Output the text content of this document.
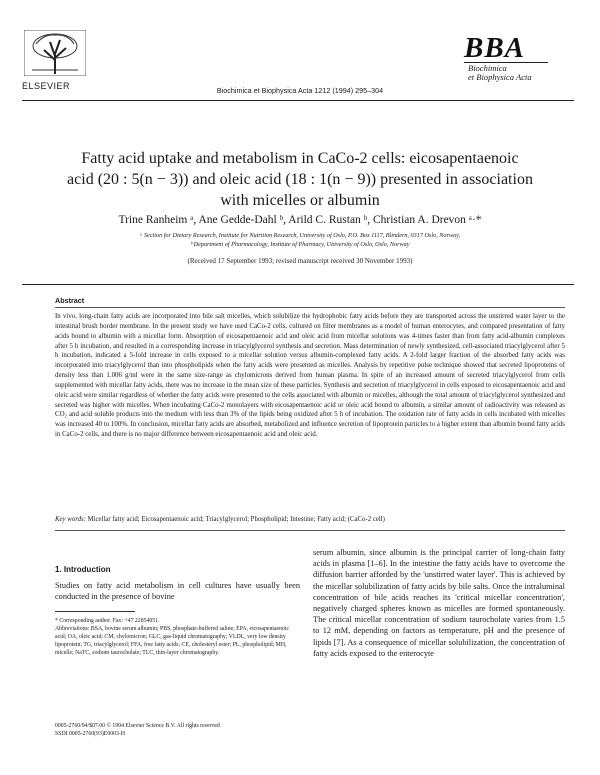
ELSEVIER	Biochimica et Biophysica Acta 1212 (1994) 295–304
BBA
Biochimica
et Biophysica Acta
Fatty acid uptake and metabolism in CaCo-2 cells: eicosapentaenoic
acid (20 : 5(n − 3)) and oleic acid (18 : 1(n − 9)) presented in association
with micelles or albumin
Trine Ranheim ᵃ, Ane Gedde-Dahl ᵇ, Arild C. Rustan ᵇ, Christian A. Drevon ᵃ·*
ᵃ Section for Dietary Research, Institute for Nutrition Research, University of Oslo, P.O. Box 1117, Blindern, 0317 Oslo, Norway,
ᵇ Department of Pharmacology, Institute of Pharmacy, University of Oslo, Oslo, Norway
(Received 17 September 1993; revised manuscript received 30 November 1993)
Abstract

In vivo, long-chain fatty acids are incorporated into bile salt micelles, which solubilize the hydrophobic fatty acids before they are transported across the unstirred water layer to the intestinal brush border membrane. In the present study we have used CaCo-2 cells, cultured on filter membranes as a model of human enterocytes, and compared presentation of fatty acids bound to albumin with a micellar form. Absorption of eicosapentaenoic acid and oleic acid from micellar solutions was 4-times faster than from fatty acid-albumin complexes after 5 h incubation, and resulted in a corresponding increase in triacylglycerol synthesis and secretion. Mass determination of newly synthesized, cell-associated triacylglycerol after 5 h incubation, indicated a 5-fold increase in cells exposed to a micellar solution versus albumin-complexed fatty acids. A 2-fold larger fraction of the absorbed fatty acids was incorporated into triacylglycerol than into phospholipids when the fatty acids were presented as micelles. Analysis by repetitive pulse technique showed that secreted lipoproteins of density less than 1.006 g/ml were in the same size-range as chylomicrons derived from human plasma. In spite of an increased amount of secreted triacylglycerol from cells supplemented with micellar fatty acids, there was no increase in the mean size of these particles. Synthesis and secretion of triacylglycerol in cells exposed to eicosapentaenoic acid and oleic acid were similar regardless of whether the fatty acids were presented to the cells associated with albumin or micelles, although the total amount of triacylglycerol synthesized and secreted was higher with micelles. When incubating CaCo-2 monolayers with eicosapentaenoic acid or oleic acid bound to albumin, a similar amount of radioactivity was released as CO₂ and acid soluble products into the medium with less than 3% of the lipids being oxidized after 5 h of incubation. The oxidation rate of fatty acids in cells incubated with micelles was increased 40 to 100%. In conclusion, micellar fatty acids are absorbed, metabolized and influence secretion of lipoprotein particles to a higher extent than albumin bound fatty acids in CaCo-2 cells, and there is no major difference between eicosapentaenoic acid and oleic acid.

Key words: Micellar fatty acid; Eicosapentaenoic acid; Triacylglycerol; Phospholipid; Intestine; Fatty acid; (CaCo-2 cell)
1. Introduction

Studies on fatty acid metabolism in cell cultures have usually been conducted in the presence of bovine

* Corresponding author. Fax: +47 22854051.

Abbreviations: BSA, bovine serum albumin; PBS, phosphate-buffered saline; EPA, eicosapentaenoic acid; OA, oleic acid; CM, chylomicron; GLC, gas-liquid chromatography; VLDL, very low density lipoprotein; TG, triacylglycerol; FFA, free fatty acids; CE, cholesteryl ester; PL, phospholipid; MH, micelle; NaTC, sodium taurocholate; TLC, thin-layer chromatography.

0005-2760/94/$07.00 © 1994 Elsevier Science B.V. All rights reserved

SSDI 0005-2760(93)E0003-H

serum albumin, since albumin is the principal carrier of long-chain fatty acids in plasma [1–6]. In the intestine the fatty acids have to overcome the diffusion barrier afforded by the 'unstirred water layer'. This is achieved by the micellar solubilization of fatty acids by bile salts. Once the intraluminal concentration of bile acids reaches its 'critical micellar concentration', negatively charged spheres known as micelles are formed spontaneously. The critical micellar concentration of sodium taurocholate varies from 1.5 to 12 mM, depending on factors as temperature, pH and the presence of lipids [7]. As a consequence of micellar solubilization, the concentration of fatty acids exposed to the enterocyte
